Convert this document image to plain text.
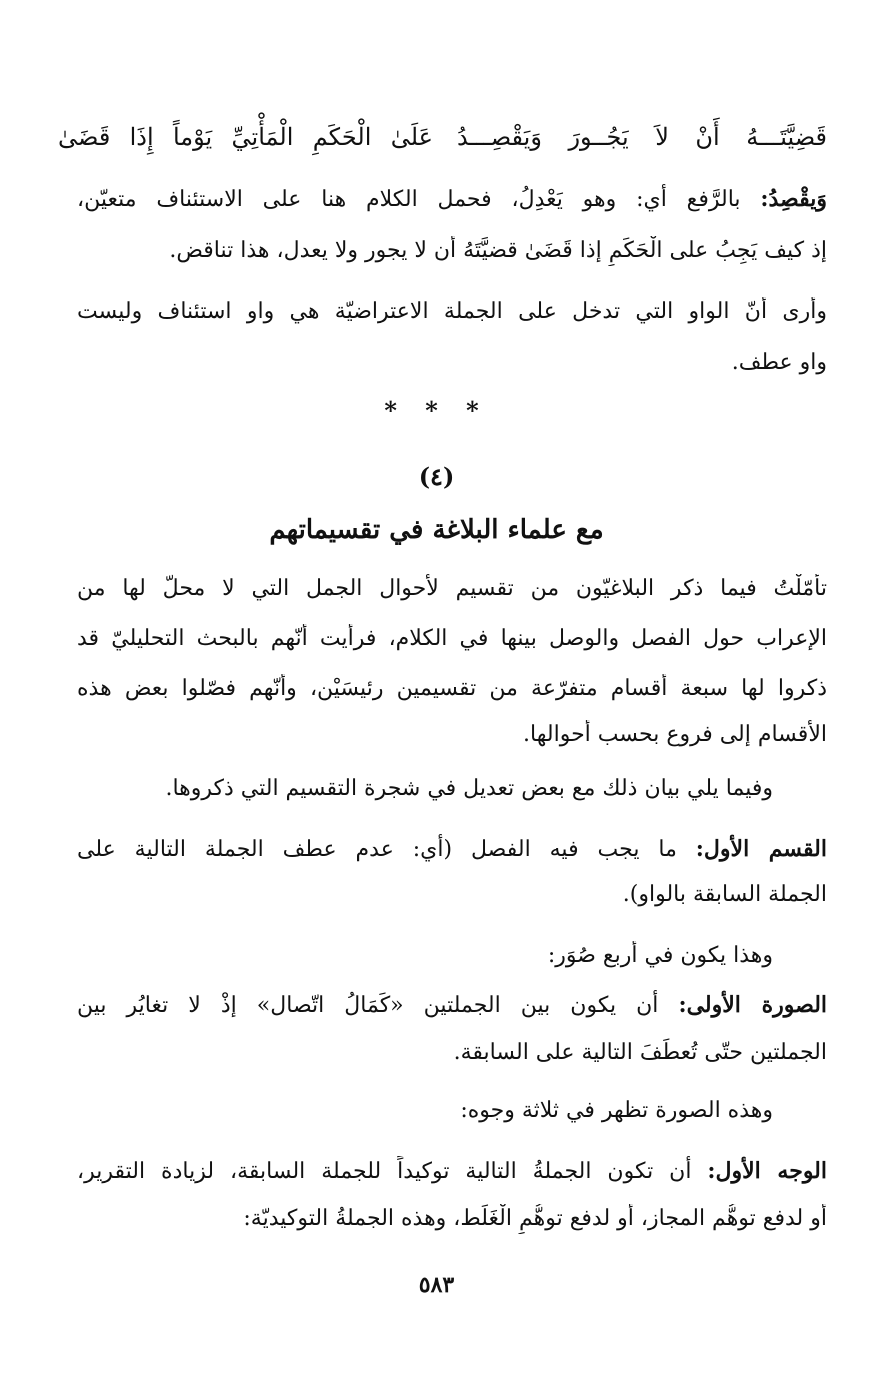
قَضِيَّتَـــهُ أَنْ لاَ يَجُــورَ وَيَقْصِـــدُ
عَلَىٰ الْحَكَمِ الْمَأْتِيِّ يَوْماً إِذَا قَضَىٰ
وَيقْصِدُ: بالرَّفع أي: وهو يَعْدِلُ، فحمل الكلام هنا على الاستئناف متعيّن،
إذ كيف يَجِبُ على الْحَكَمِ إذا قَضَىٰ قضيَّتَهُ أن لا يجور ولا يعدل، هذا تناقض.
وأرى أنّ الواو التي تدخل على الجملة الاعتراضيّة هي واو استئناف وليست
واو عطف.
* * *
(٤)
مع علماء البلاغة في تقسيماتهم
تأمّلْتُ فيما ذكر البلاغيّون من تقسيم لأحوال الجمل التي لا محلّ لها من
الإعراب حول الفصل والوصل بينها في الكلام، فرأيت أنّهم بالبحث التحليليّ قد
ذكروا لها سبعة أقسام متفرّعة من تقسيمين رئيسَيْن، وأنّهم فصّلوا بعض هذه
الأقسام إلى فروع بحسب أحوالها.
وفيما يلي بيان ذلك مع بعض تعديل في شجرة التقسيم التي ذكروها.
القسم الأول: ما يجب فيه الفصل (أي: عدم عطف الجملة التالية على
الجملة السابقة بالواو).
وهذا يكون في أربع صُوَر:
الصورة الأولى: أن يكون بين الجملتين «كَمَالُ اتّصال» إذْ لا تغايُر بين
الجملتين حتّى تُعطَفَ التالية على السابقة.
وهذه الصورة تظهر في ثلاثة وجوه:
الوجه الأول: أن تكون الجملةُ التالية توكيداً للجملة السابقة، لزيادة التقرير،
أو لدفع توهُّم المجاز، أو لدفع توهُّمِ الْغَلَط، وهذه الجملةُ التوكيديّة:
٥٨٣
